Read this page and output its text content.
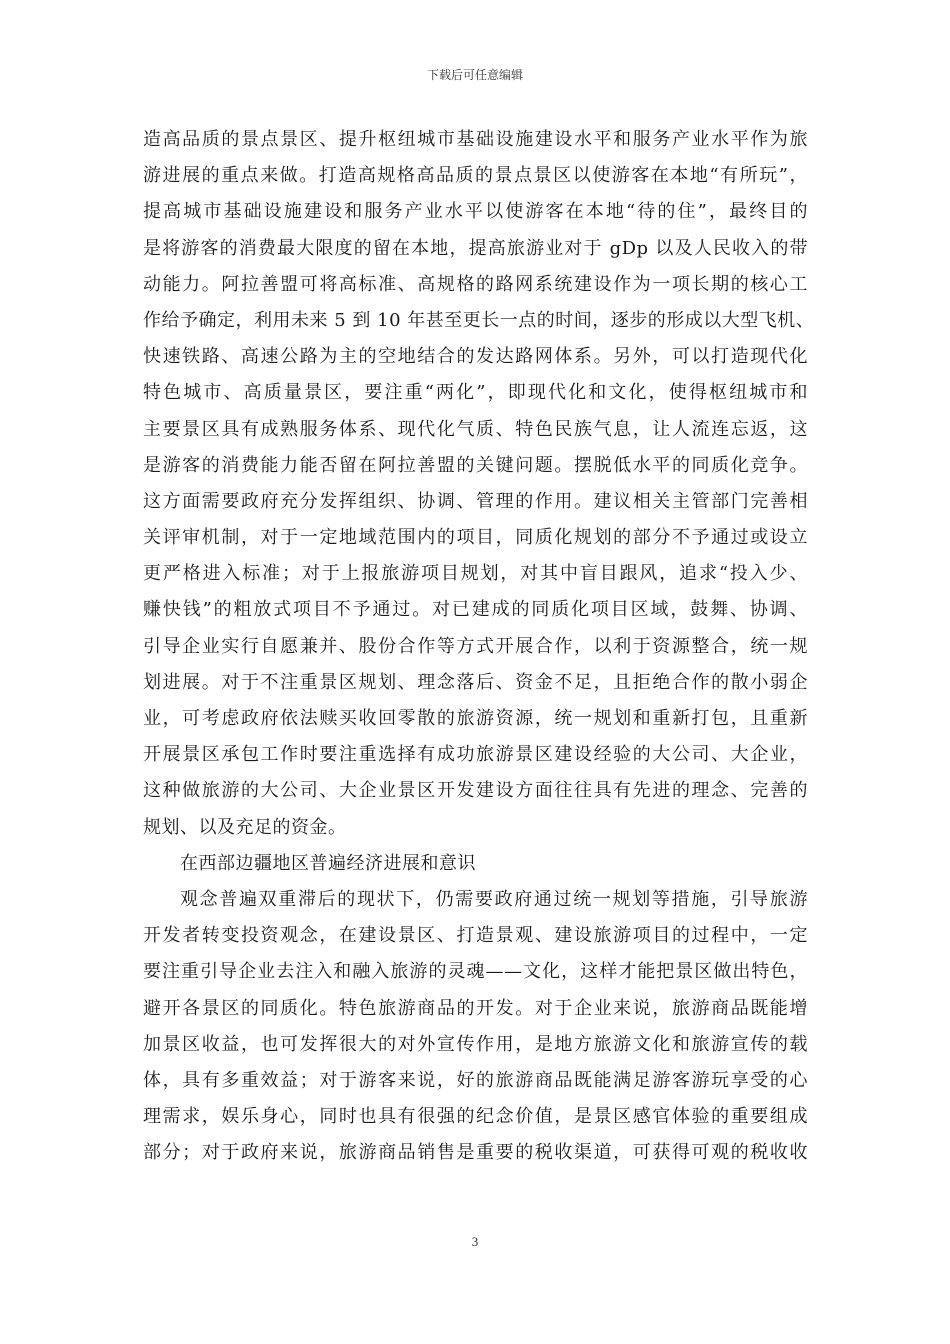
下载后可任意编辑
造高品质的景点景区、提升枢纽城市基础设施建设水平和服务产业水平作为旅
游进展的重点来做。打造高规格高品质的景点景区以使游客在本地“有所玩”，
提高城市基础设施建设和服务产业水平以使游客在本地“待的住”，最终目的
是将游客的消费最大限度的留在本地，提高旅游业对于 gDp 以及人民收入的带
动能力。阿拉善盟可将高标准、高规格的路网系统建设作为一项长期的核心工
作给予确定，利用未来 5 到 10 年甚至更长一点的时间，逐步的形成以大型飞机、
快速铁路、高速公路为主的空地结合的发达路网体系。另外，可以打造现代化
特色城市、高质量景区，要注重“两化”，即现代化和文化，使得枢纽城市和
主要景区具有成熟服务体系、现代化气质、特色民族气息，让人流连忘返，这
是游客的消费能力能否留在阿拉善盟的关键问题。摆脱低水平的同质化竞争。
这方面需要政府充分发挥组织、协调、管理的作用。建议相关主管部门完善相
关评审机制，对于一定地域范围内的项目，同质化规划的部分不予通过或设立
更严格进入标准；对于上报旅游项目规划，对其中盲目跟风，追求“投入少、
赚快钱”的粗放式项目不予通过。对已建成的同质化项目区域，鼓舞、协调、
引导企业实行自愿兼并、股份合作等方式开展合作，以利于资源整合，统一规
划进展。对于不注重景区规划、理念落后、资金不足，且拒绝合作的散小弱企
业，可考虑政府依法赎买收回零散的旅游资源，统一规划和重新打包，且重新
开展景区承包工作时要注重选择有成功旅游景区建设经验的大公司、大企业，
这种做旅游的大公司、大企业景区开发建设方面往往具有先进的理念、完善的
规划、以及充足的资金。
在西部边疆地区普遍经济进展和意识
观念普遍双重滞后的现状下，仍需要政府通过统一规划等措施，引导旅游
开发者转变投资观念，在建设景区、打造景观、建设旅游项目的过程中，一定
要注重引导企业去注入和融入旅游的灵魂——文化，这样才能把景区做出特色，
避开各景区的同质化。特色旅游商品的开发。对于企业来说，旅游商品既能增
加景区收益，也可发挥很大的对外宣传作用，是地方旅游文化和旅游宣传的载
体，具有多重效益；对于游客来说，好的旅游商品既能满足游客游玩享受的心
理需求，娱乐身心，同时也具有很强的纪念价值，是景区感官体验的重要组成
部分；对于政府来说，旅游商品销售是重要的税收渠道，可获得可观的税收收
3
